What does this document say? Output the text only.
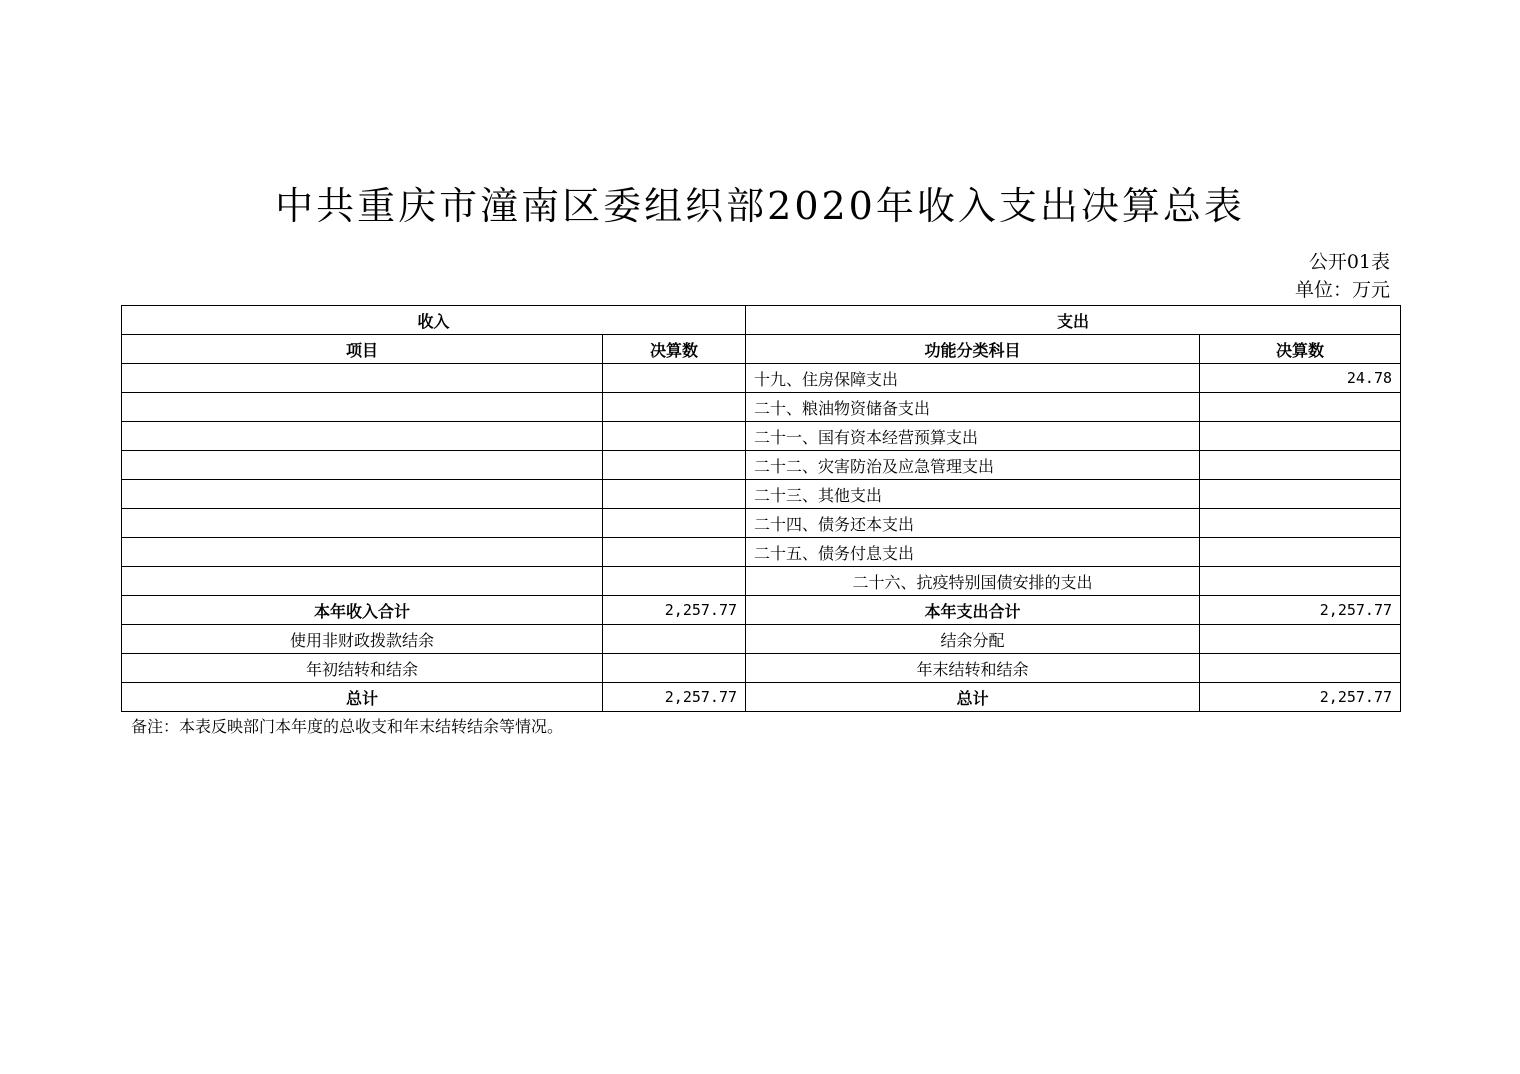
中共重庆市潼南区委组织部2020年收入支出决算总表
公开01表
单位：万元
收入		支出	
项目	决算数	功能分类科目	决算数
		十九、住房保障支出	24.78
		二十、粮油物资储备支出	
		二十一、国有资本经营预算支出	
		二十二、灾害防治及应急管理支出	
		二十三、其他支出	
		二十四、债务还本支出	
		二十五、债务付息支出	
		二十六、抗疫特别国债安排的支出	
本年收入合计	2,257.77	本年支出合计	2,257.77
使用非财政拨款结余		结余分配	
年初结转和结余		年末结转和结余	
总计	2,257.77	总计	2,257.77
备注：本表反映部门本年度的总收支和年末结转结余等情况。
